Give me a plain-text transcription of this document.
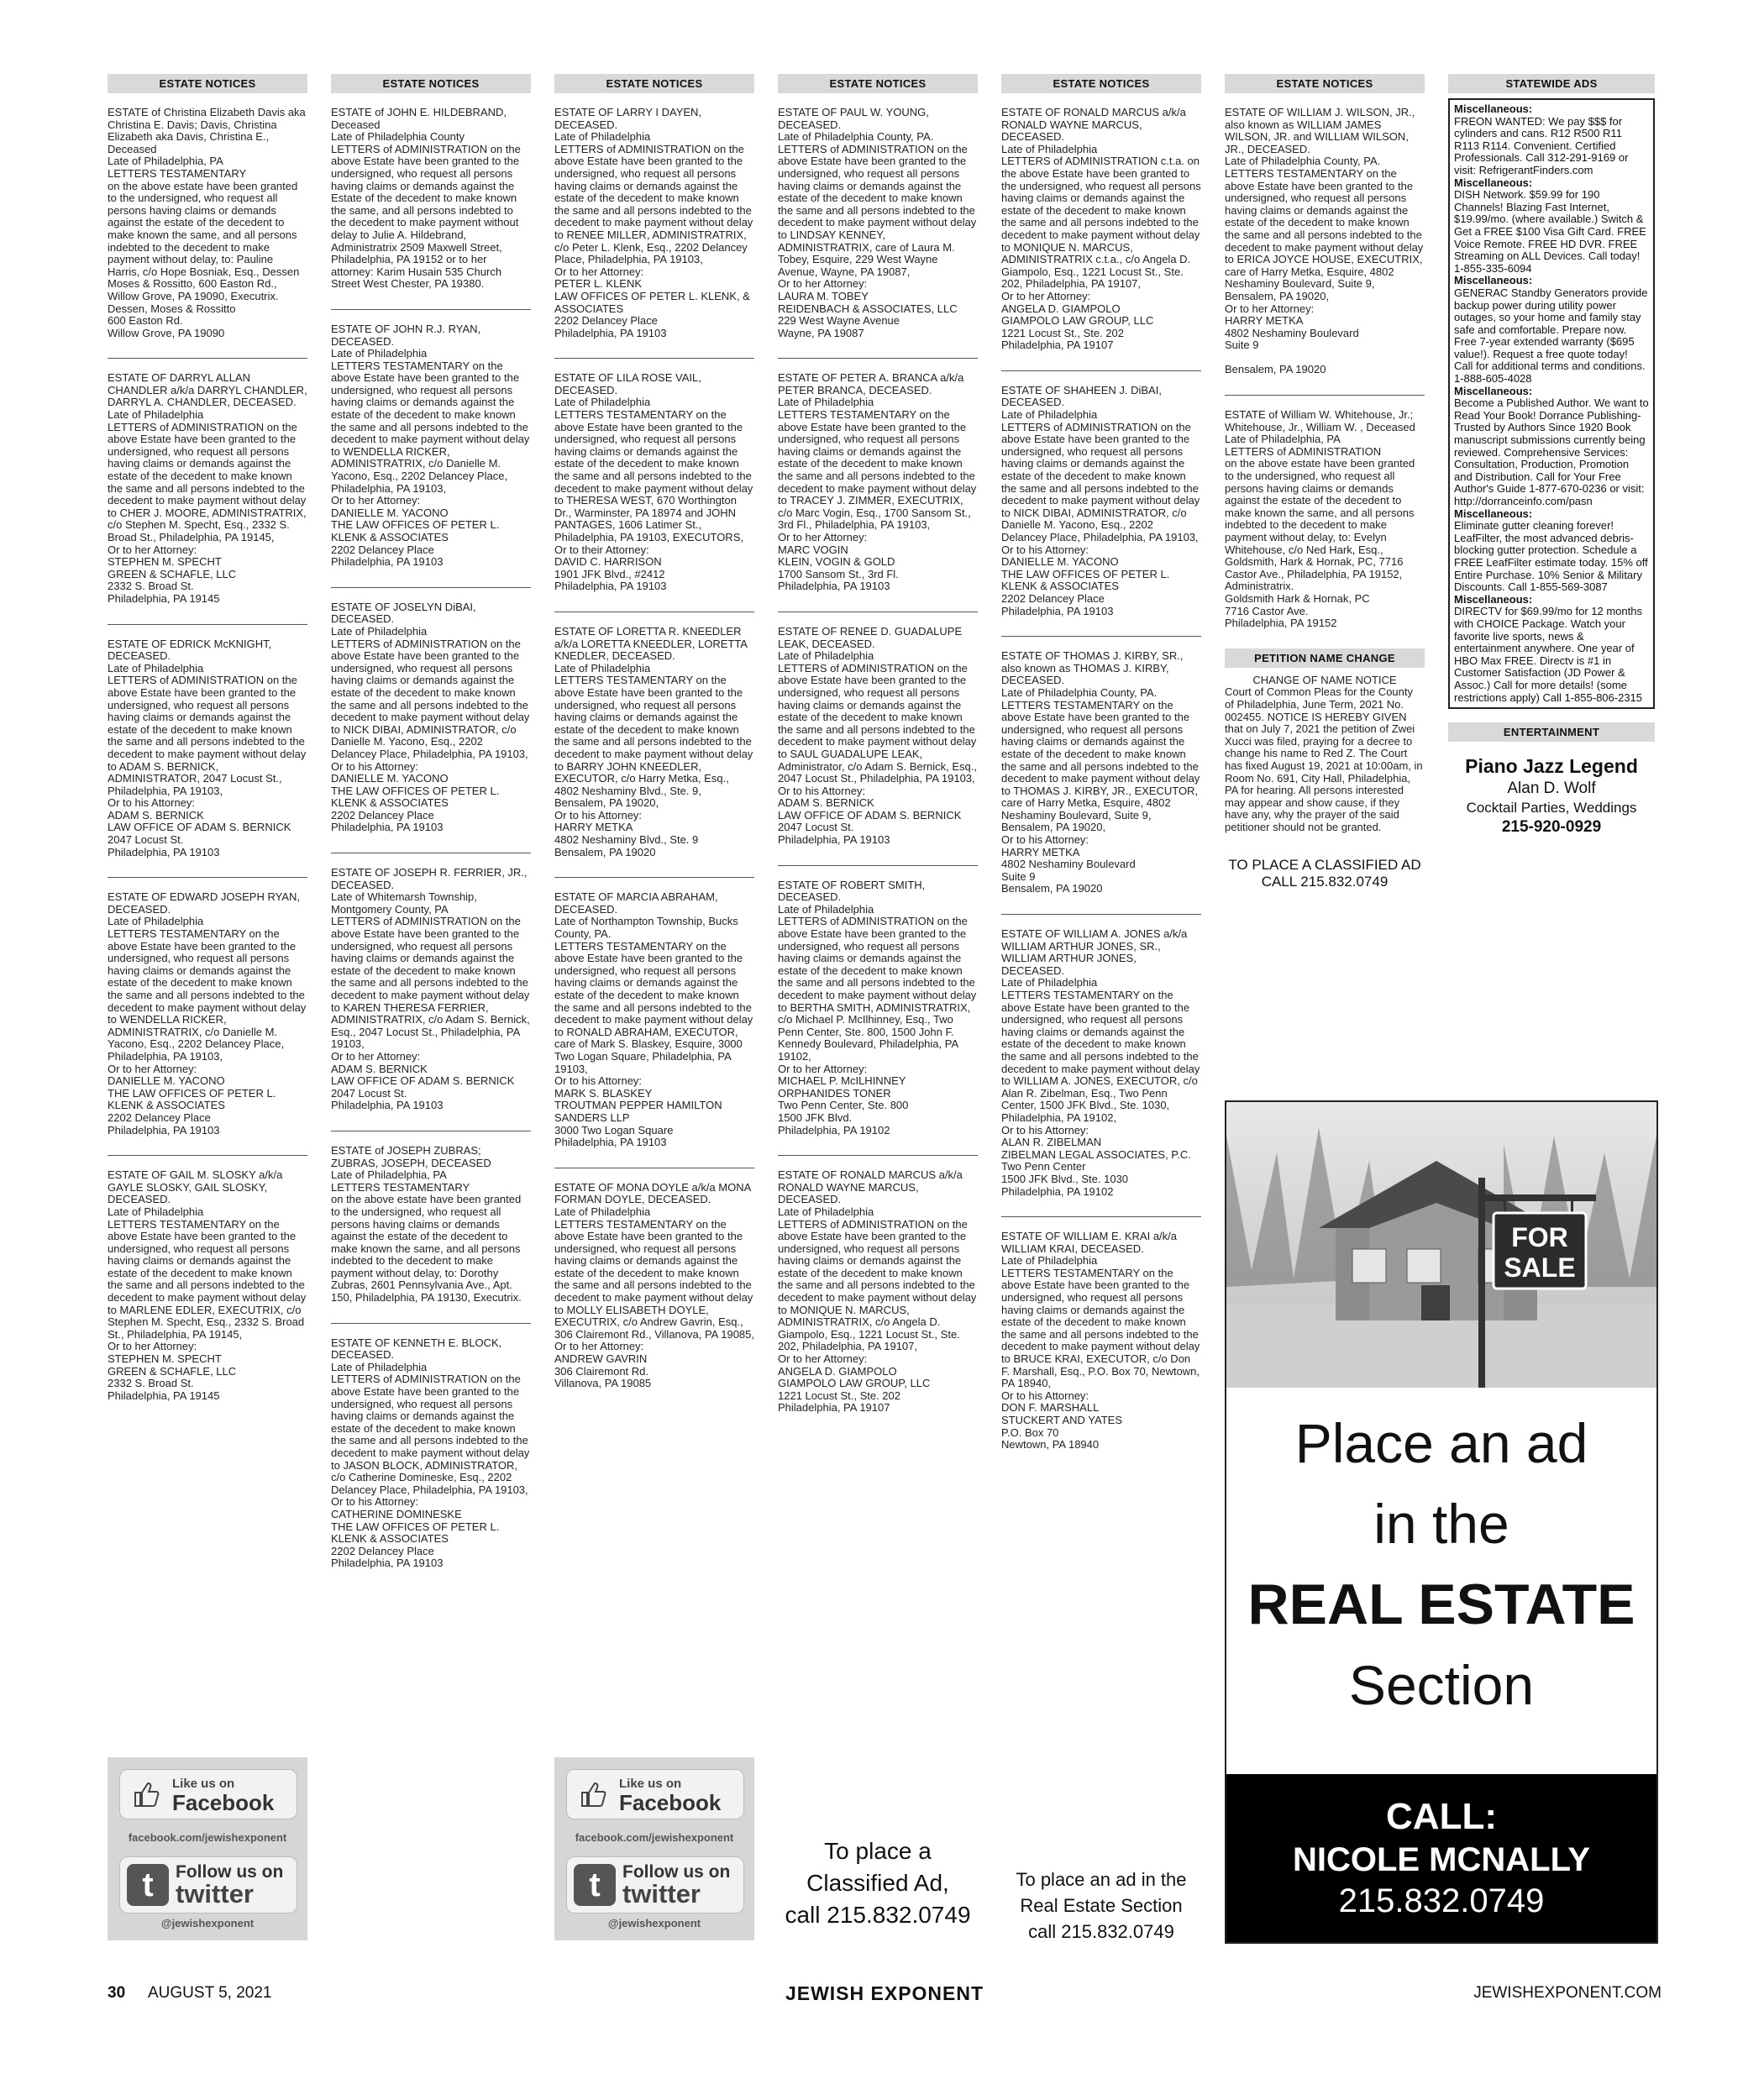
ESTATE NOTICES
ESTATE of Christina Elizabeth Davis aka Christina E. Davis; Davis, Christina Elizabeth aka Davis, Christina E., Deceased
Late of Philadelphia, PA
LETTERS TESTAMENTARY
on the above estate have been granted to the undersigned, who request all persons having claims or demands against the estate of the decedent to make known the same, and all persons indebted to the decedent to make payment without delay, to: Pauline Harris, c/o Hope Bosniak, Esq., Dessen Moses & Rossitto, 600 Easton Rd., Willow Grove, PA 19090, Executrix.
Dessen, Moses & Rossitto
600 Easton Rd.
Willow Grove, PA 19090
ESTATE OF DARRYL ALLAN CHANDLER a/k/a DARRYL CHANDLER, DARRYL A. CHANDLER, DECEASED.
Late of Philadelphia
LETTERS of ADMINISTRATION on the above Estate have been granted to the undersigned, who request all persons having claims or demands against the estate of the decedent to make known the same and all persons indebted to the decedent to make payment without delay to CHER J. MOORE, ADMINISTRATRIX, c/o Stephen M. Specht, Esq., 2332 S. Broad St., Philadelphia, PA 19145,
Or to her Attorney:
STEPHEN M. SPECHT
GREEN & SCHAFLE, LLC
2332 S. Broad St.
Philadelphia, PA 19145
ESTATE OF EDRICK McKNIGHT, DECEASED.
Late of Philadelphia
LETTERS of ADMINISTRATION on the above Estate have been granted to the undersigned, who request all persons having claims or demands against the estate of the decedent to make known the same and all persons indebted to the decedent to make payment without delay to ADAM S. BERNICK, ADMINISTRATOR, 2047 Locust St., Philadelphia, PA 19103,
Or to his Attorney:
ADAM S. BERNICK
LAW OFFICE OF ADAM S. BERNICK
2047 Locust St.
Philadelphia, PA 19103
ESTATE OF EDWARD JOSEPH RYAN, DECEASED.
Late of Philadelphia
LETTERS TESTAMENTARY on the above Estate have been granted to the undersigned, who request all persons having claims or demands against the estate of the decedent to make known the same and all persons indebted to the decedent to make payment without delay to WENDELLA RICKER, ADMINISTRATRIX, c/o Danielle M. Yacono, Esq., 2202 Delancey Place, Philadelphia, PA 19103,
Or to her Attorney:
DANIELLE M. YACONO
THE LAW OFFICES OF PETER L. KLENK & ASSOCIATES
2202 Delancey Place
Philadelphia, PA 19103
ESTATE OF GAIL M. SLOSKY a/k/a GAYLE SLOSKY, GAIL SLOSKY, DECEASED.
Late of Philadelphia
LETTERS TESTAMENTARY on the above Estate have been granted to the undersigned, who request all persons having claims or demands against the estate of the decedent to make known the same and all persons indebted to the decedent to make payment without delay to MARLENE EDLER, EXECUTRIX, c/o Stephen M. Specht, Esq., 2332 S. Broad St., Philadelphia, PA 19145,
Or to her Attorney:
STEPHEN M. SPECHT
GREEN & SCHAFLE, LLC
2332 S. Broad St.
Philadelphia, PA 19145
ESTATE NOTICES
ESTATE of JOHN E. HILDEBRAND, Deceased
Late of Philadelphia County
LETTERS of ADMINISTRATION on the above Estate have been granted to the undersigned, who request all persons having claims or demands against the Estate of the decedent to make known the same, and all persons indebted to the decedent to make payment without delay to Julie A. Hildebrand, Administratrix 2509 Maxwell Street, Philadelphia, PA 19152 or to her attorney: Karim Husain 535 Church Street West Chester, PA 19380.
ESTATE OF JOHN R.J. RYAN, DECEASED.
Late of Philadelphia
LETTERS TESTAMENTARY on the above Estate have been granted to the undersigned, who request all persons having claims or demands against the estate of the decedent to make known the same and all persons indebted to the decedent to make payment without delay to WENDELLA RICKER, ADMINISTRATRIX, c/o Danielle M. Yacono, Esq., 2202 Delancey Place, Philadelphia, PA 19103,
Or to her Attorney:
DANIELLE M. YACONO
THE LAW OFFICES OF PETER L. KLENK & ASSOCIATES
2202 Delancey Place
Philadelphia, PA 19103
ESTATE OF JOSELYN DiBAI, DECEASED.
Late of Philadelphia
LETTERS of ADMINISTRATION on the above Estate have been granted to the undersigned, who request all persons having claims or demands against the estate of the decedent to make known the same and all persons indebted to the decedent to make payment without delay to NICK DIBAI, ADMINISTRATOR, c/o Danielle M. Yacono, Esq., 2202 Delancey Place, Philadelphia, PA 19103,
Or to his Attorney:
DANIELLE M. YACONO
THE LAW OFFICES OF PETER L. KLENK & ASSOCIATES
2202 Delancey Place
Philadelphia, PA 19103
ESTATE OF JOSEPH R. FERRIER, JR., DECEASED.
Late of Whitemarsh Township, Montgomery County, PA
LETTERS of ADMINISTRATION on the above Estate have been granted to the undersigned, who request all persons having claims or demands against the estate of the decedent to make known the same and all persons indebted to the decedent to make payment without delay to KAREN THERESA FERRIER, ADMINISTRATRIX, c/o Adam S. Bernick, Esq., 2047 Locust St., Philadelphia, PA 19103,
Or to her Attorney:
ADAM S. BERNICK
LAW OFFICE OF ADAM S. BERNICK
2047 Locust St.
Philadelphia, PA 19103
ESTATE of JOSEPH ZUBRAS; ZUBRAS, JOSEPH, DECEASED
Late of Philadelphia, PA
LETTERS TESTAMENTARY
on the above estate have been granted to the undersigned, who request all persons having claims or demands against the estate of the decedent to make known the same, and all persons indebted to the decedent to make payment without delay, to: Dorothy Zubras, 2601 Pennsylvania Ave., Apt. 150, Philadelphia, PA 19130, Executrix.
ESTATE OF KENNETH E. BLOCK, DECEASED.
Late of Philadelphia
LETTERS of ADMINISTRATION on the above Estate have been granted to the undersigned, who request all persons having claims or demands against the estate of the decedent to make known the same and all persons indebted to the decedent to make payment without delay to JASON BLOCK, ADMINISTRATOR, c/o Catherine Domineske, Esq., 2202 Delancey Place, Philadelphia, PA 19103,
Or to his Attorney:
CATHERINE DOMINESKE
THE LAW OFFICES OF PETER L. KLENK & ASSOCIATES
2202 Delancey Place
Philadelphia, PA 19103
ESTATE NOTICES
ESTATE OF LARRY I DAYEN, DECEASED.
Late of Philadelphia
LETTERS of ADMINISTRATION on the above Estate have been granted to the undersigned, who request all persons having claims or demands against the estate of the decedent to make known the same and all persons indebted to the decedent to make payment without delay to RENEE MILLER, ADMINISTRATRIX, c/o Peter L. Klenk, Esq., 2202 Delancey Place, Philadelphia, PA 19103,
Or to her Attorney:
PETER L. KLENK
LAW OFFICES OF PETER L. KLENK, & ASSOCIATES
2202 Delancey Place
Philadelphia, PA 19103
ESTATE OF LILA ROSE VAIL, DECEASED.
Late of Philadelphia
LETTERS TESTAMENTARY on the above Estate have been granted to the undersigned, who request all persons having claims or demands against the estate of the decedent to make known the same and all persons indebted to the decedent to make payment without delay to THERESA WEST, 670 Worthington Dr., Warminster, PA 18974 and JOHN PANTAGES, 1606 Latimer St., Philadelphia, PA 19103, EXECUTORS,
Or to their Attorney:
DAVID C. HARRISON
1901 JFK Blvd., #2412
Philadelphia, PA 19103
ESTATE OF LORETTA R. KNEEDLER a/k/a LORETTA KNEEDLER, LORETTA KNEDLER, DECEASED.
Late of Philadelphia
LETTERS TESTAMENTARY on the above Estate have been granted to the undersigned, who request all persons having claims or demands against the estate of the decedent to make known the same and all persons indebted to the decedent to make payment without delay to BARRY JOHN KNEEDLER, EXECUTOR, c/o Harry Metka, Esq., 4802 Neshaminy Blvd., Ste. 9, Bensalem, PA 19020,
Or to his Attorney:
HARRY METKA
4802 Neshaminy Blvd., Ste. 9
Bensalem, PA 19020
ESTATE OF MARCIA ABRAHAM, DECEASED.
Late of Northampton Township, Bucks County, PA.
LETTERS TESTAMENTARY on the above Estate have been granted to the undersigned, who request all persons having claims or demands against the estate of the decedent to make known the same and all persons indebted to the decedent to make payment without delay to RONALD ABRAHAM, EXECUTOR, care of Mark S. Blaskey, Esquire, 3000 Two Logan Square, Philadelphia, PA 19103,
Or to his Attorney:
MARK S. BLASKEY
TROUTMAN PEPPER HAMILTON SANDERS LLP
3000 Two Logan Square
Philadelphia, PA 19103
ESTATE OF MONA DOYLE a/k/a MONA FORMAN DOYLE, DECEASED.
Late of Philadelphia
LETTERS TESTAMENTARY on the above Estate have been granted to the undersigned, who request all persons having claims or demands against the estate of the decedent to make known the same and all persons indebted to the decedent to make payment without delay to MOLLY ELISABETH DOYLE, EXECUTRIX, c/o Andrew Gavrin, Esq., 306 Clairemont Rd., Villanova, PA 19085,
Or to her Attorney:
ANDREW GAVRIN
306 Clairemont Rd.
Villanova, PA 19085
ESTATE NOTICES
ESTATE OF PAUL W. YOUNG, DECEASED.
Late of Philadelphia County, PA.
LETTERS of ADMINISTRATION on the above Estate have been granted to the undersigned, who request all persons having claims or demands against the estate of the decedent to make known the same and all persons indebted to the decedent to make payment without delay to LINDSAY KENNEY, ADMINISTRATRIX, care of Laura M. Tobey, Esquire, 229 West Wayne Avenue, Wayne, PA 19087,
Or to her Attorney:
LAURA M. TOBEY
REIDENBACH & ASSOCIATES, LLC
229 West Wayne Avenue
Wayne, PA 19087
ESTATE OF PETER A. BRANCA a/k/a PETER BRANCA, DECEASED.
Late of Philadelphia
LETTERS TESTAMENTARY on the above Estate have been granted to the undersigned, who request all persons having claims or demands against the estate of the decedent to make known the same and all persons indebted to the decedent to make payment without delay to TRACEY J. ZIMMER, EXECUTRIX, c/o Marc Vogin, Esq., 1700 Sansom St., 3rd Fl., Philadelphia, PA 19103,
Or to her Attorney:
MARC VOGIN
KLEIN, VOGIN & GOLD
1700 Sansom St., 3rd Fl.
Philadelphia, PA 19103
ESTATE OF RENEE D. GUADALUPE LEAK, DECEASED.
Late of Philadelphia
LETTERS of ADMINISTRATION on the above Estate have been granted to the undersigned, who request all persons having claims or demands against the estate of the decedent to make known the same and all persons indebted to the decedent to make payment without delay to SAUL GUADALUPE LEAK, Administrator, c/o Adam S. Bernick, Esq., 2047 Locust St., Philadelphia, PA 19103,
Or to his Attorney:
ADAM S. BERNICK
LAW OFFICE OF ADAM S. BERNICK
2047 Locust St.
Philadelphia, PA 19103
ESTATE OF ROBERT SMITH, DECEASED.
Late of Philadelphia
LETTERS of ADMINISTRATION on the above Estate have been granted to the undersigned, who request all persons having claims or demands against the estate of the decedent to make known the same and all persons indebted to the decedent to make payment without delay to BERTHA SMITH, ADMINISTRATRIX, c/o Michael P. McIlhinney, Esq., Two Penn Center, Ste. 800, 1500 John F. Kennedy Boulevard, Philadelphia, PA 19102,
Or to her Attorney:
MICHAEL P. McILHINNEY
ORPHANIDES TONER
Two Penn Center, Ste. 800
1500 JFK Blvd.
Philadelphia, PA 19102
ESTATE OF RONALD MARCUS a/k/a RONALD WAYNE MARCUS, DECEASED.
Late of Philadelphia
LETTERS of ADMINISTRATION on the above Estate have been granted to the undersigned, who request all persons having claims or demands against the estate of the decedent to make known the same and all persons indebted to the decedent to make payment without delay to MONIQUE N. MARCUS, ADMINISTRATRIX, c/o Angela D. Giampolo, Esq., 1221 Locust St., Ste. 202, Philadelphia, PA 19107,
Or to her Attorney:
ANGELA D. GIAMPOLO
GIAMPOLO LAW GROUP, LLC
1221 Locust St., Ste. 202
Philadelphia, PA 19107
ESTATE NOTICES
ESTATE OF RONALD MARCUS a/k/a RONALD WAYNE MARCUS, DECEASED.
Late of Philadelphia
LETTERS of ADMINISTRATION c.t.a. on the above Estate have been granted to the undersigned, who request all persons having claims or demands against the estate of the decedent to make known the same and all persons indebted to the decedent to make payment without delay to MONIQUE N. MARCUS, ADMINISTRATRIX c.t.a., c/o Angela D. Giampolo, Esq., 1221 Locust St., Ste. 202, Philadelphia, PA 19107,
Or to her Attorney:
ANGELA D. GIAMPOLO
GIAMPOLO LAW GROUP, LLC
1221 Locust St., Ste. 202
Philadelphia, PA 19107
ESTATE OF SHAHEEN J. DiBAI, DECEASED.
Late of Philadelphia
LETTERS of ADMINISTRATION on the above Estate have been granted to the undersigned, who request all persons having claims or demands against the estate of the decedent to make known the same and all persons indebted to the decedent to make payment without delay to NICK DIBAI, ADMINISTRATOR, c/o Danielle M. Yacono, Esq., 2202 Delancey Place, Philadelphia, PA 19103,
Or to his Attorney:
DANIELLE M. YACONO
THE LAW OFFICES OF PETER L. KLENK & ASSOCIATES
2202 Delancey Place
Philadelphia, PA 19103
ESTATE OF THOMAS J. KIRBY, SR., also known as THOMAS J. KIRBY, DECEASED.
Late of Philadelphia County, PA.
LETTERS TESTAMENTARY on the above Estate have been granted to the undersigned, who request all persons having claims or demands against the estate of the decedent to make known the same and all persons indebted to the decedent to make payment without delay to THOMAS J. KIRBY, JR., EXECUTOR, care of Harry Metka, Esquire, 4802 Neshaminy Boulevard, Suite 9, Bensalem, PA 19020,
Or to his Attorney:
HARRY METKA
4802 Neshaminy Boulevard
Suite 9
Bensalem, PA 19020
ESTATE OF WILLIAM A. JONES a/k/a WILLIAM ARTHUR JONES, SR., WILLIAM ARTHUR JONES, DECEASED.
Late of Philadelphia
LETTERS TESTAMENTARY on the above Estate have been granted to the undersigned, who request all persons having claims or demands against the estate of the decedent to make known the same and all persons indebted to the decedent to make payment without delay to WILLIAM A. JONES, EXECUTOR, c/o Alan R. Zibelman, Esq., Two Penn Center, 1500 JFK Blvd., Ste. 1030, Philadelphia, PA 19102,
Or to his Attorney:
ALAN R. ZIBELMAN
ZIBELMAN LEGAL ASSOCIATES, P.C.
Two Penn Center
1500 JFK Blvd., Ste. 1030
Philadelphia, PA 19102
ESTATE OF WILLIAM E. KRAI a/k/a WILLIAM KRAI, DECEASED.
Late of Philadelphia
LETTERS TESTAMENTARY on the above Estate have been granted to the undersigned, who request all persons having claims or demands against the estate of the decedent to make known the same and all persons indebted to the decedent to make payment without delay to BRUCE KRAI, EXECUTOR, c/o Don F. Marshall, Esq., P.O. Box 70, Newtown, PA 18940,
Or to his Attorney:
DON F. MARSHALL
STUCKERT AND YATES
P.O. Box 70
Newtown, PA 18940
ESTATE NOTICES
ESTATE OF WILLIAM J. WILSON, JR., also known as WILLIAM JAMES WILSON, JR. and WILLIAM WILSON, JR., DECEASED.
Late of Philadelphia County, PA.
LETTERS TESTAMENTARY on the above Estate have been granted to the undersigned, who request all persons having claims or demands against the estate of the decedent to make known the same and all persons indebted to the decedent to make payment without delay to ERICA JOYCE HOUSE, EXECUTRIX, care of Harry Metka, Esquire, 4802 Neshaminy Boulevard, Suite 9, Bensalem, PA 19020,
Or to her Attorney:
HARRY METKA
4802 Neshaminy Boulevard
Suite 9

Bensalem, PA 19020
ESTATE of William W. Whitehouse, Jr.; Whitehouse, Jr., William W. , Deceased
Late of Philadelphia, PA
LETTERS of ADMINISTRATION
on the above estate have been granted to the undersigned, who request all persons having claims or demands against the estate of the decedent to make known the same, and all persons indebted to the decedent to make payment without delay, to: Evelyn Whitehouse, c/o Ned Hark, Esq., Goldsmith, Hark & Hornak, PC, 7716 Castor Ave., Philadelphia, PA 19152, Administratrix.
Goldsmith Hark & Hornak, PC
7716 Castor Ave.
Philadelphia, PA 19152
PETITION NAME CHANGE
CHANGE OF NAME NOTICE
Court of Common Pleas for the County of Philadelphia, June Term, 2021 No. 002455. NOTICE IS HEREBY GIVEN that on July 7, 2021 the petition of Zwei Xucci was filed, praying for a decree to change his name to Red Z. The Court has fixed August 19, 2021 at 10:00am, in Room No. 691, City Hall, Philadelphia, PA for hearing. All persons interested may appear and show cause, if they have any, why the prayer of the said petitioner should not be granted.
TO PLACE A CLASSIFIED AD
CALL 215.832.0749
STATEWIDE ADS
Miscellaneous:
FREON WANTED: We pay $$$ for cylinders and cans. R12 R500 R11 R113 R114. Convenient. Certified Professionals. Call 312-291-9169 or visit: RefrigerantFinders.com
Miscellaneous:
DISH Network. $59.99 for 190 Channels! Blazing Fast Internet, $19.99/mo. (where available.) Switch & Get a FREE $100 Visa Gift Card. FREE Voice Remote. FREE HD DVR. FREE Streaming on ALL Devices. Call today! 1-855-335-6094
Miscellaneous:
GENERAC Standby Generators provide backup power during utility power outages, so your home and family stay safe and comfortable. Prepare now. Free 7-year extended warranty ($695 value!). Request a free quote today! Call for additional terms and conditions. 1-888-605-4028
Miscellaneous:
Become a Published Author. We want to Read Your Book! Dorrance Publishing-Trusted by Authors Since 1920 Book manuscript submissions currently being reviewed. Comprehensive Services: Consultation, Production, Promotion and Distribution. Call for Your Free Author's Guide 1-877-670-0236 or visit: http://dorranceinfo.com/pasn
Miscellaneous:
Eliminate gutter cleaning forever! LeafFilter, the most advanced debris-blocking gutter protection. Schedule a FREE LeafFilter estimate today. 15% off Entire Purchase. 10% Senior & Military Discounts. Call 1-855-569-3087
Miscellaneous:
DIRECTV for $69.99/mo for 12 months with CHOICE Package. Watch your favorite live sports, news & entertainment anywhere. One year of HBO Max FREE. Directv is #1 in Customer Satisfaction (JD Power & Assoc.) Call for more details! (some restrictions apply) Call 1-855-806-2315
ENTERTAINMENT
Piano Jazz Legend
Alan D. Wolf
Cocktail Parties, Weddings
215-920-0929
FOR
SALE
Place an ad
in the
REAL ESTATE
Section
CALL:
NICOLE MCNALLY
215.832.0749
Like us on
Facebook
facebook.com/jewishexponent
t	Follow us on
twitter
@jewishexponent
Like us on
Facebook
facebook.com/jewishexponent
t	Follow us on
twitter
@jewishexponent
To place a
Classified Ad,
call 215.832.0749
To place an ad in the
Real Estate Section
call 215.832.0749
30 AUGUST 5, 2021	JEWISH EXPONENT	JEWISHEXPONENT.COM
